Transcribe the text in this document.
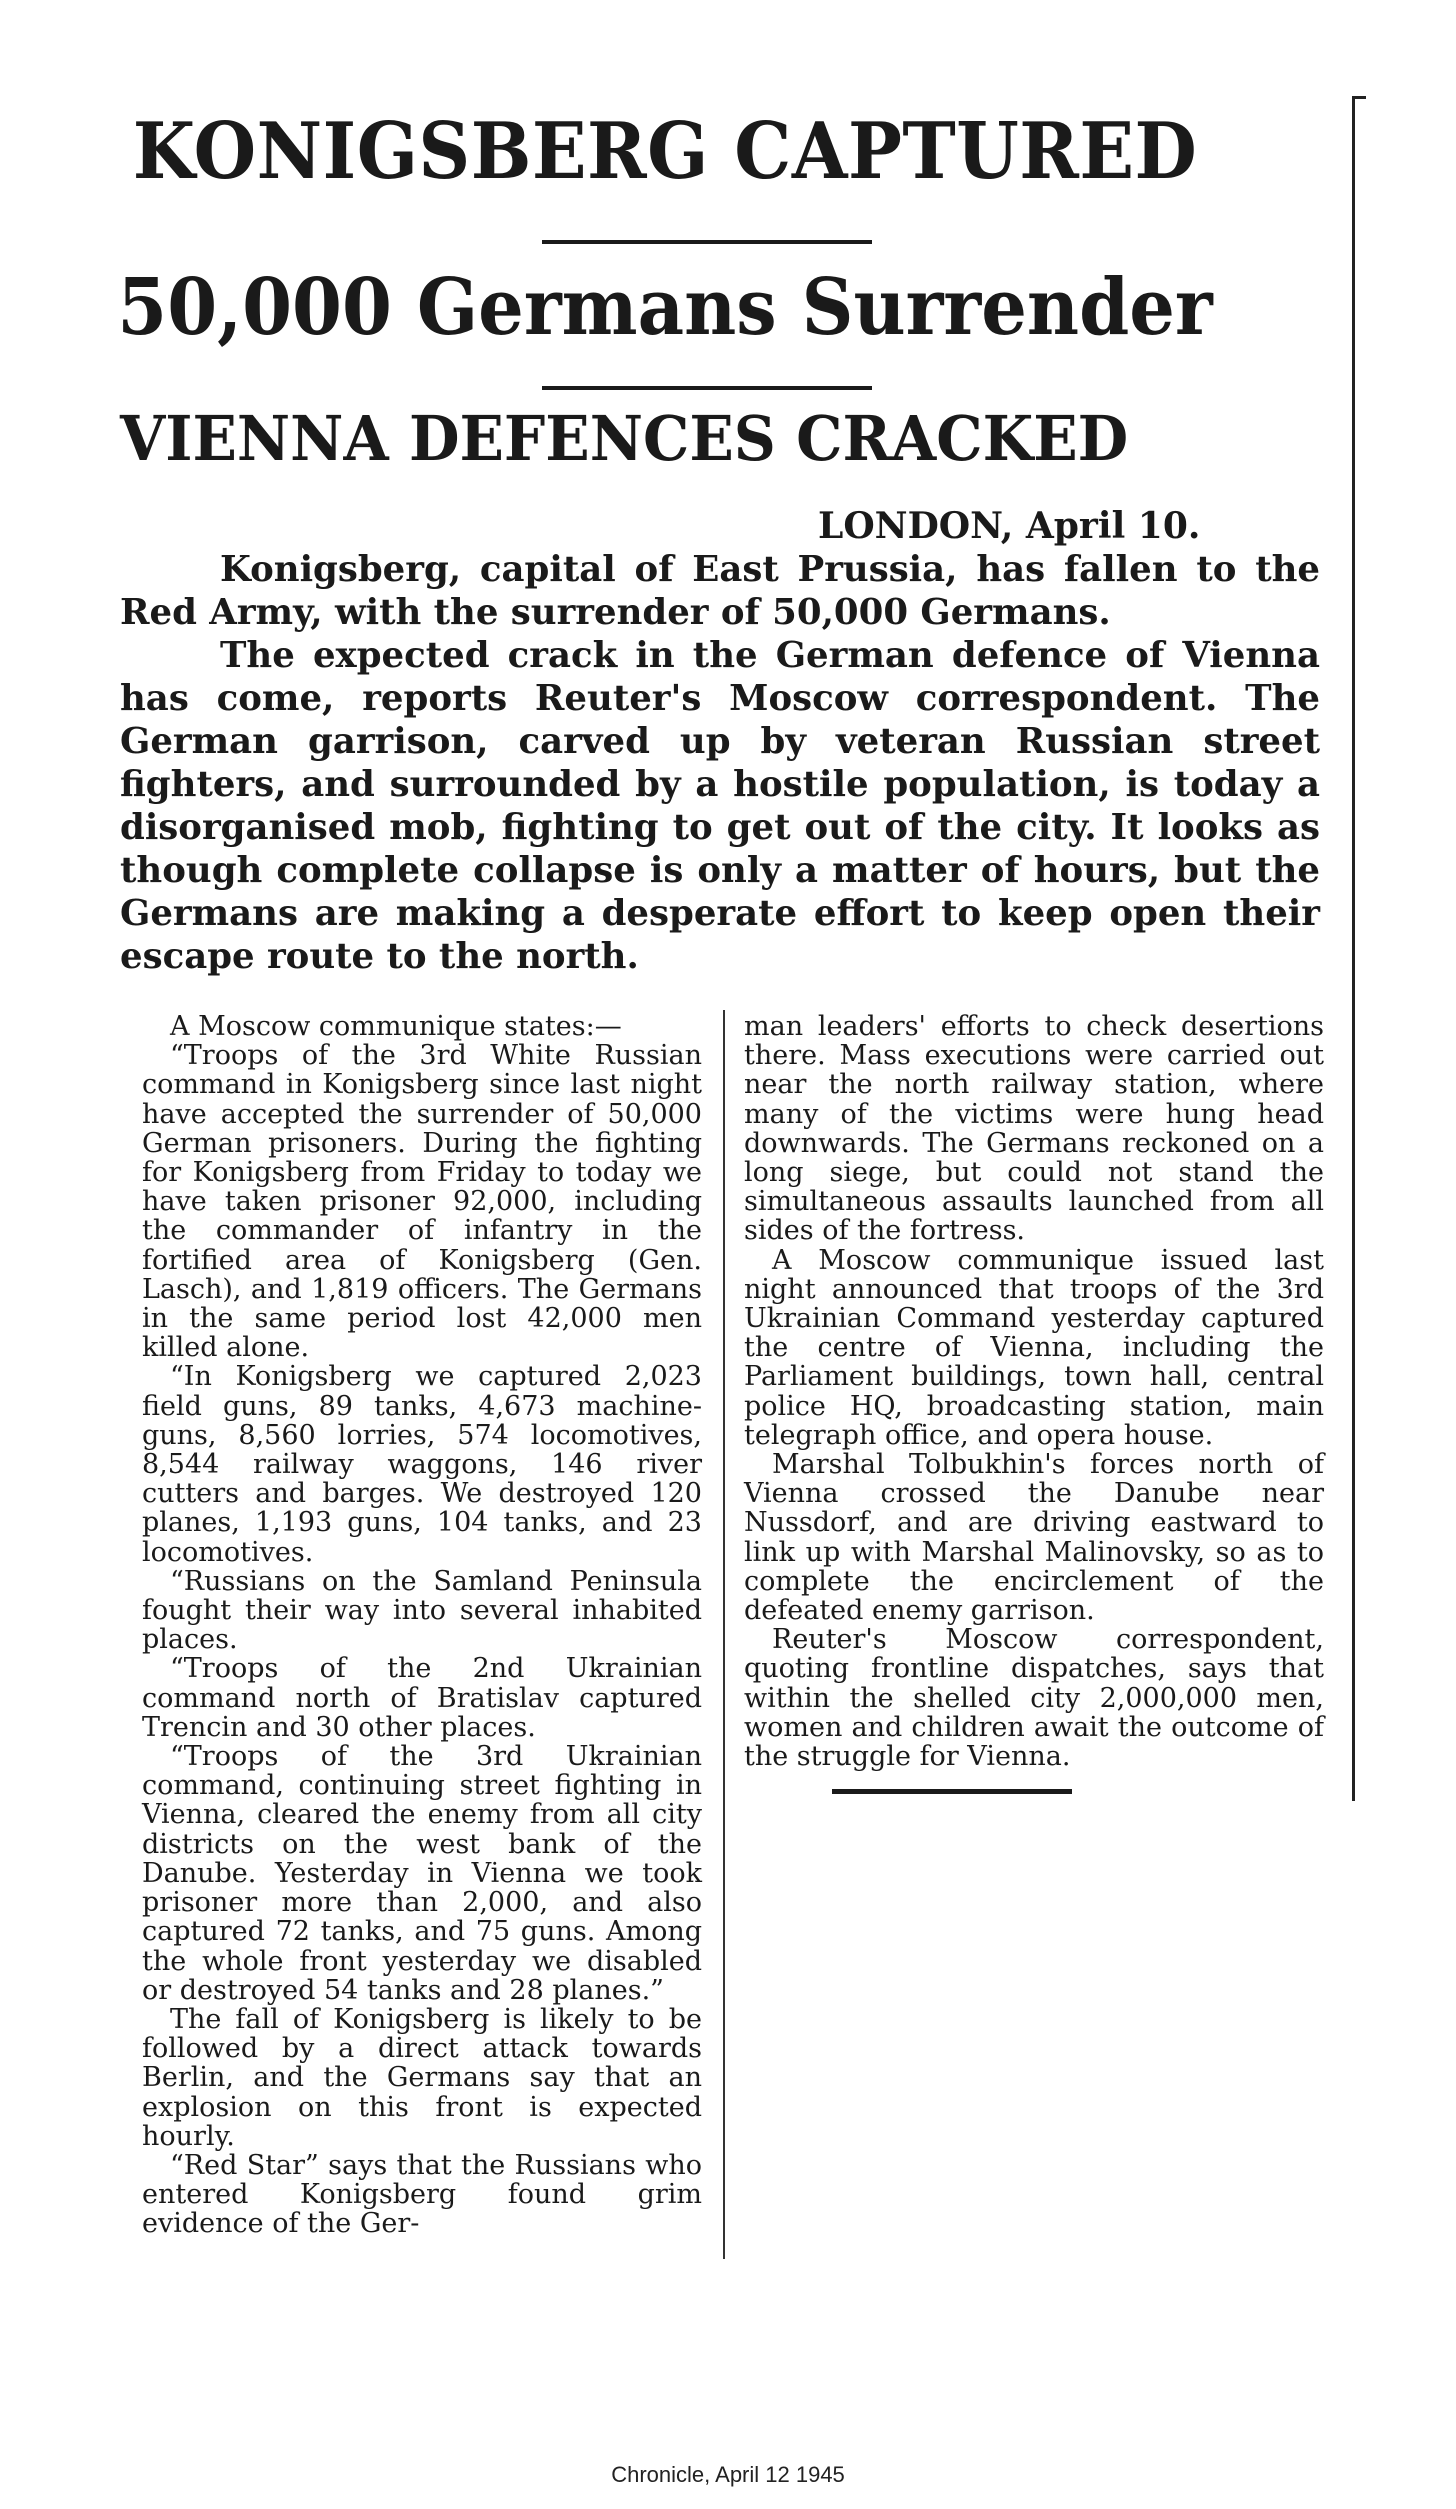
KONIGSBERG CAPTURED
50,000 Germans Surrender
VIENNA DEFENCES CRACKED
LONDON, April 10.

Konigsberg, capital of East Prussia, has fallen to the Red Army, with the surrender of 50,000 Germans.

The expected crack in the German defence of Vienna has come, reports Reuter's Moscow correspondent. The German garrison, carved up by veteran Russian street fighters, and surrounded by a hostile population, is today a disorganised mob, fighting to get out of the city. It looks as though complete collapse is only a matter of hours, but the Germans are making a desperate effort to keep open their escape route to the north.

A Moscow communique states:—

“Troops of the 3rd White Russian command in Konigsberg since last night have accepted the surrender of 50,000 German prisoners. During the fighting for Konigsberg from Friday to today we have taken prisoner 92,000, including the commander of infantry in the fortified area of Konigsberg (Gen. Lasch), and 1,819 officers. The Germans in the same period lost 42,000 men killed alone.

“In Konigsberg we captured 2,023 field guns, 89 tanks, 4,673 machine-guns, 8,560 lorries, 574 locomotives, 8,544 railway waggons, 146 river cutters and barges. We destroyed 120 planes, 1,193 guns, 104 tanks, and 23 locomotives.

“Russians on the Samland Peninsula fought their way into several inhabited places.

“Troops of the 2nd Ukrainian command north of Bratislav captured Trencin and 30 other places.

“Troops of the 3rd Ukrainian command, continuing street fighting in Vienna, cleared the enemy from all city districts on the west bank of the Danube. Yesterday in Vienna we took prisoner more than 2,000, and also captured 72 tanks, and 75 guns. Among the whole front yesterday we disabled or destroyed 54 tanks and 28 planes.”

The fall of Konigsberg is likely to be followed by a direct attack towards Berlin, and the Germans say that an explosion on this front is expected hourly.

“Red Star” says that the Russians who entered Konigsberg found grim evidence of the Ger-

man leaders' efforts to check desertions there. Mass executions were carried out near the north railway station, where many of the victims were hung head downwards. The Germans reckoned on a long siege, but could not stand the simultaneous assaults launched from all sides of the fortress.

A Moscow communique issued last night announced that troops of the 3rd Ukrainian Command yesterday captured the centre of Vienna, including the Parliament buildings, town hall, central police HQ, broadcasting station, main telegraph office, and opera house.

Marshal Tolbukhin's forces north of Vienna crossed the Danube near Nussdorf, and are driving eastward to link up with Marshal Malinovsky, so as to complete the encirclement of the defeated enemy garrison.

Reuter's Moscow correspondent, quoting frontline dispatches, says that within the shelled city 2,000,000 men, women and children await the outcome of the struggle for Vienna.

Chronicle, April 12 1945
